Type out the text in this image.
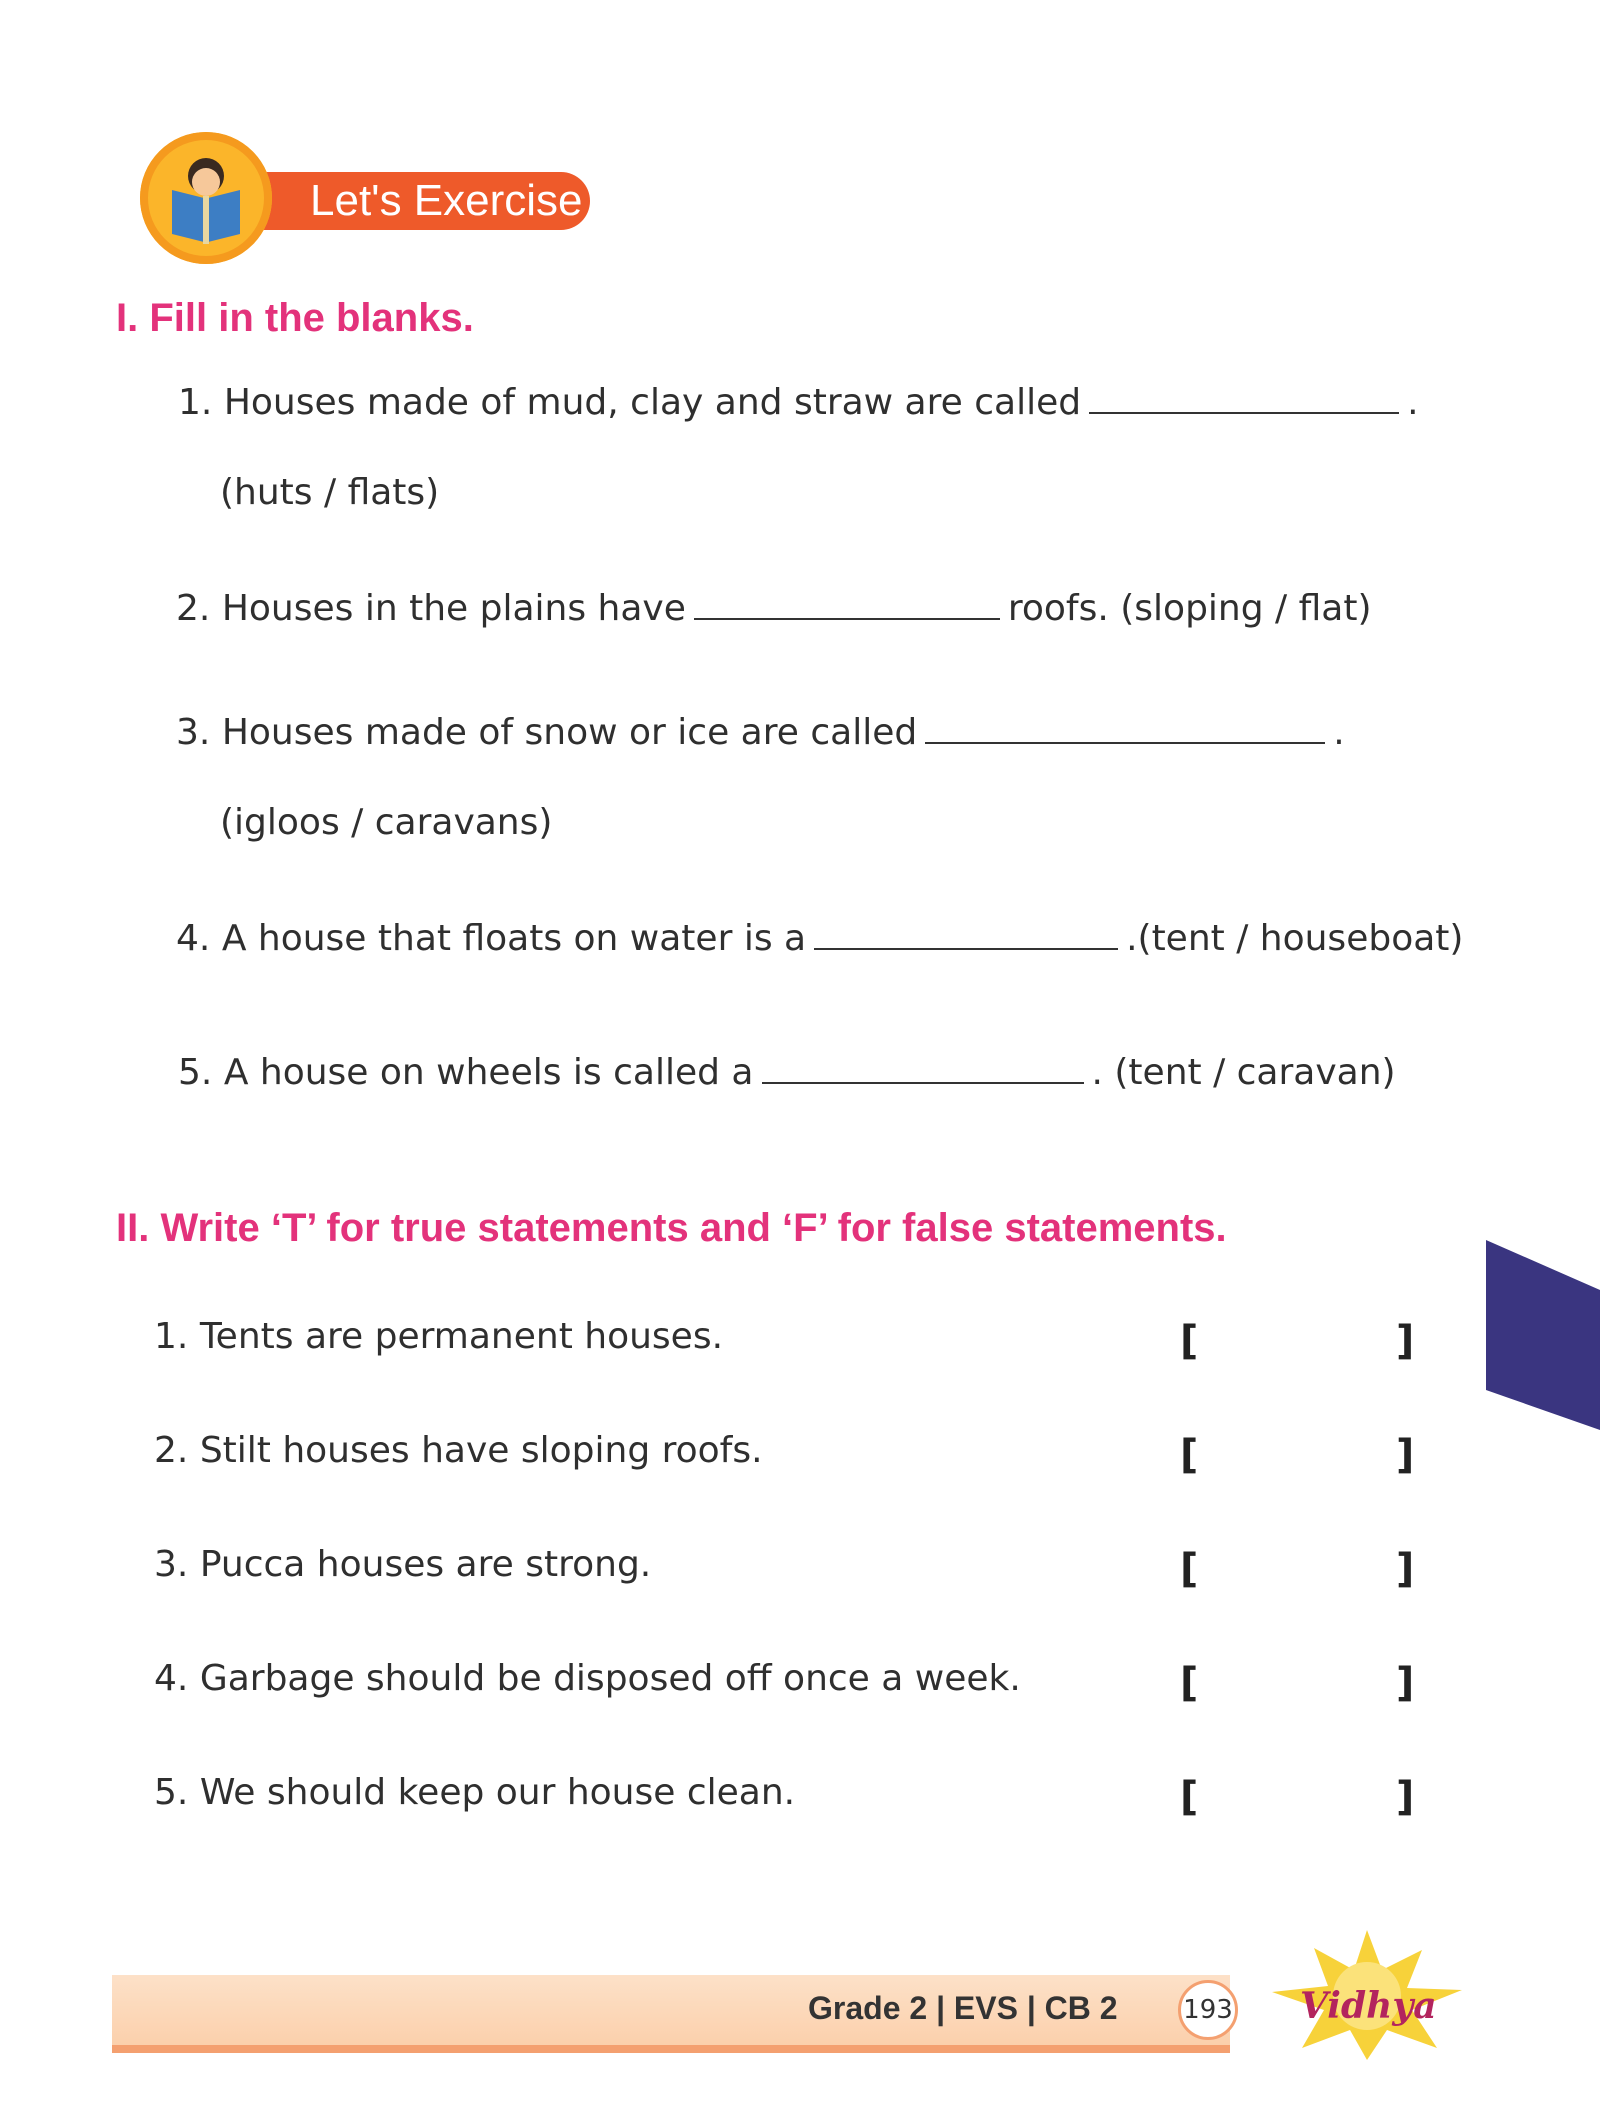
Let's Exercise
I. Fill in the blanks.
1. Houses made of mud, clay and straw are called	.
(huts / flats)
2. Houses in the plains have	roofs. (sloping / flat)
3. Houses made of snow or ice are called	.
(igloos / caravans)
4. A house that floats on water is a	.(tent / houseboat)
5. A house on wheels is called a	. (tent / caravan)
II. Write ‘T’ for true statements and ‘F’ for false statements.
1. Tents are permanent houses.	[	]
2. Stilt houses have sloping roofs.	[	]
3. Pucca houses are strong.	[	]
4. Garbage should be disposed off once a week.	[	]
5. We should keep our house clean.	[	]
Grade 2 | EVS | CB 2	193 Vidhya
